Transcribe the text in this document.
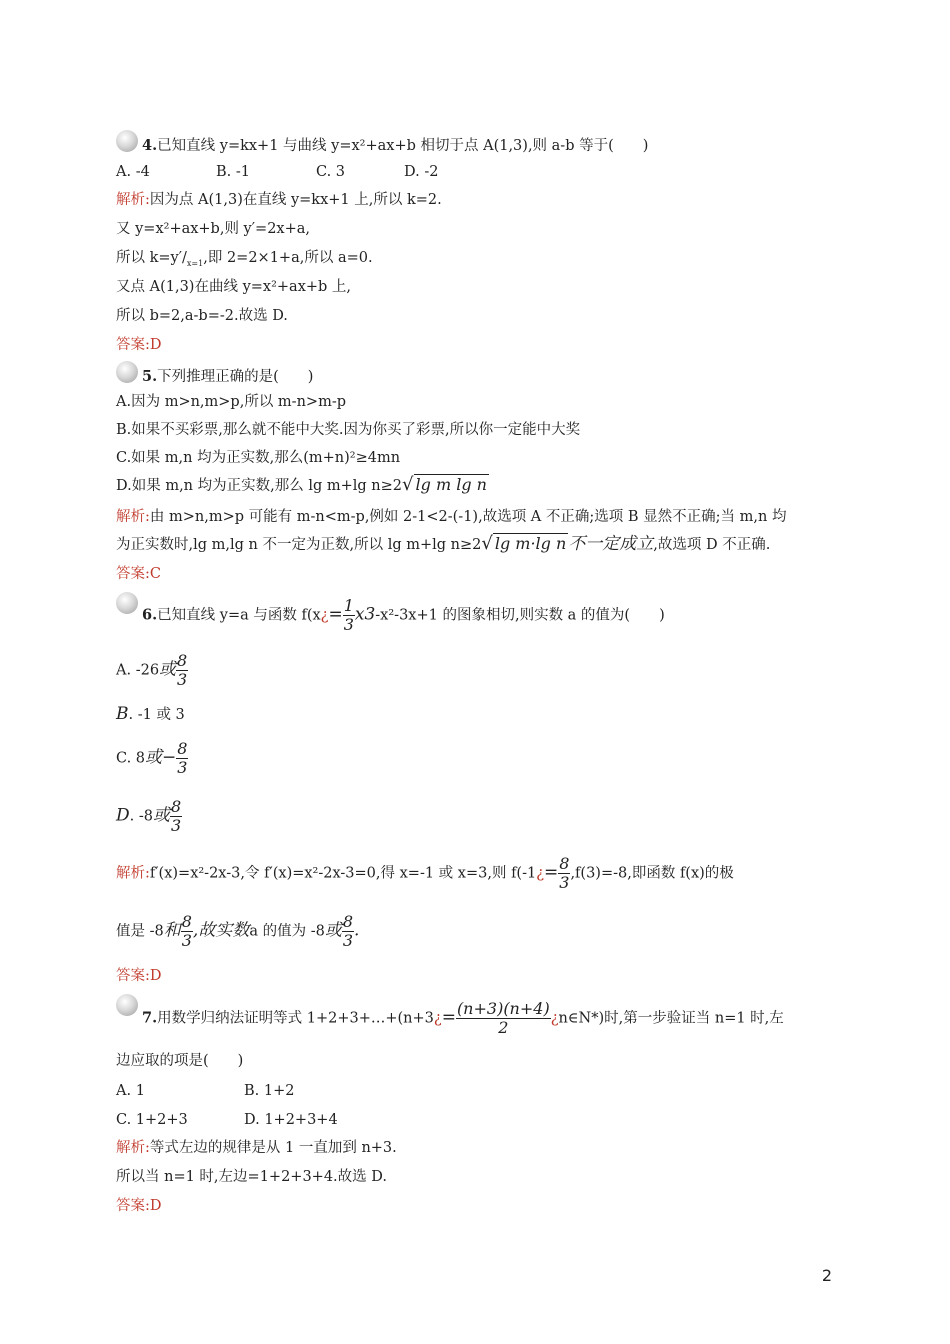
4.已知直线 y=kx+1 与曲线 y=x²+ax+b 相切于点 A(1,3),则 a-b 等于(　　)
A. -4	B. -1	C. 3	D. -2
解析:因为点 A(1,3)在直线 y=kx+1 上,所以 k=2.
又 y=x²+ax+b,则 y′=2x+a,
所以 $k=y'/_{x=1}$,即 2=2×1+a,所以 a=0.
又点 A(1,3)在曲线 y=x²+ax+b 上,
所以 b=2,a-b=-2.故选 D.
答案:D
5.下列推理正确的是(　　)
A.因为 m>n,m>p,所以 m-n>m-p
B.如果不买彩票,那么就不能中大奖.因为你买了彩票,所以你一定能中大奖
C.如果 m,n 均为正实数,那么(m+n)²≥4mn
D.如果 m,n 均为正实数,那么 lg m+lg n≥2√ lg m lg n
解析:由 m>n,m>p 可能有 m-n<m-p,例如 2-1<2-(-1),故选项 A 不正确;选项 B 显然不正确;当 m,n 均
为正实数时,lg m,lg n 不一定为正数,所以 lg m+lg n≥2√ lg m·lg n 不一定成立,故选项 D 不正确.
答案:C
6.已知直线 y=a 与函数 f(x¿= $\frac{1}{3} x3-x^2-3x+1$ 的图象相切,则实数 a 的值为(　　)
A. -26或 $\frac{8}{3}$
B. -1 或 3
C. 8或− $\frac{8}{3}$
D. -8或 $\frac{8}{3}$
解析:f′(x)=x²-2x-3,令 f′(x)=x²-2x-3=0,得 x=-1 或 x=3,则 f(-1¿= $\frac{8}{3} ,f(3)=-8$,即函数 f(x)的极
值是 -8和 $\frac{8}{3}$ ,故实数a 的值为 -8或 $\frac{8}{3}$ .
答案:D
7.用数学归纳法证明等式 1+2+3+…+(n+3¿= $\frac{(n+3)(n+4)}{2}$ ¿n∈N*)时,第一步验证当 n=1 时,左
边应取的项是(　　)
A. 1	B. 1+2
C. 1+2+3	D. 1+2+3+4
解析:等式左边的规律是从 1 一直加到 n+3.
所以当 n=1 时,左边=1+2+3+4.故选 D.
答案:D
2
